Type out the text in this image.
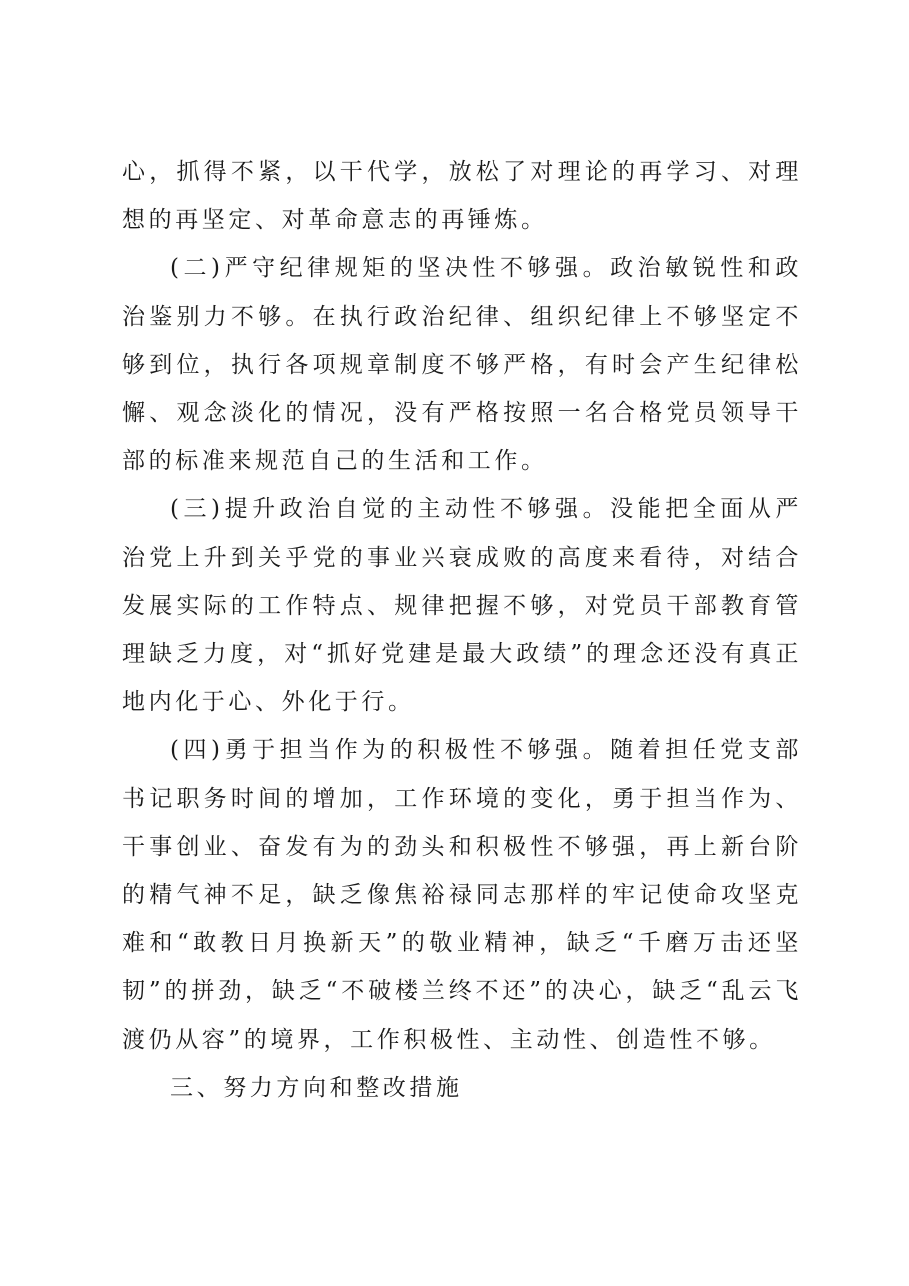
心，抓得不紧，以干代学，放松了对理论的再学习、对理想的再坚定、对革命意志的再锤炼。

(二)严守纪律规矩的坚决性不够强。政治敏锐性和政治鉴别力不够。在执行政治纪律、组织纪律上不够坚定不够到位，执行各项规章制度不够严格，有时会产生纪律松懈、观念淡化的情况，没有严格按照一名合格党员领导干部的标准来规范自己的生活和工作。

(三)提升政治自觉的主动性不够强。没能把全面从严治党上升到关乎党的事业兴衰成败的高度来看待，对结合发展实际的工作特点、规律把握不够，对党员干部教育管理缺乏力度，对“抓好党建是最大政绩”的理念还没有真正地内化于心、外化于行。

(四)勇于担当作为的积极性不够强。随着担任党支部书记职务时间的增加，工作环境的变化，勇于担当作为、干事创业、奋发有为的劲头和积极性不够强，再上新台阶的精气神不足，缺乏像焦裕禄同志那样的牢记使命攻坚克难和“敢教日月换新天”的敬业精神，缺乏“千磨万击还坚韧”的拼劲，缺乏“不破楼兰终不还”的决心，缺乏“乱云飞渡仍从容”的境界，工作积极性、主动性、创造性不够。

三、努力方向和整改措施
